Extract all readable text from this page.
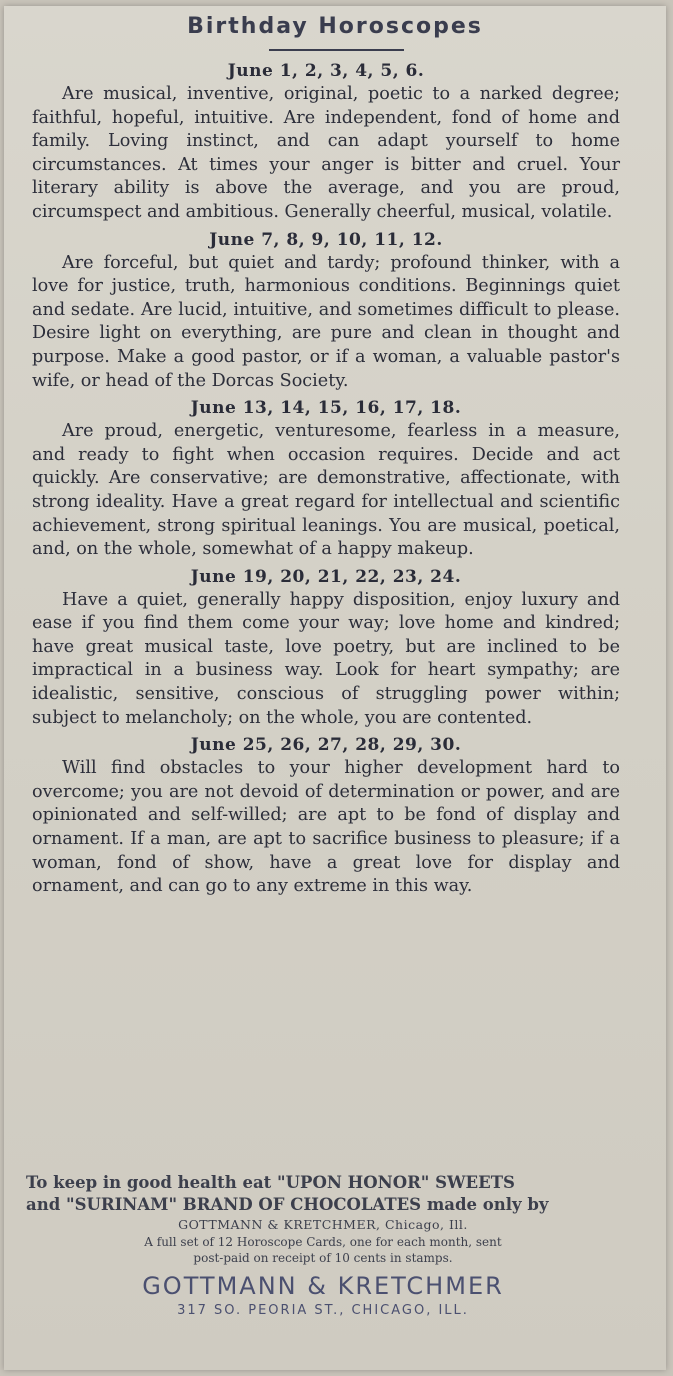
Birthday Horoscopes
June 1, 2, 3, 4, 5, 6.

Are musical, inventive, original, poetic to a narked degree; faithful, hopeful, intuitive. Are independent, fond of home and family. Loving instinct, and can adapt yourself to home circumstances. At times your anger is bitter and cruel. Your literary ability is above the average, and you are proud, circumspect and ambitious. Generally cheerful, musical, volatile.

June 7, 8, 9, 10, 11, 12.

Are forceful, but quiet and tardy; profound thinker, with a love for justice, truth, harmonious conditions. Beginnings quiet and sedate. Are lucid, intuitive, and sometimes difficult to please. Desire light on everything, are pure and clean in thought and purpose. Make a good pastor, or if a woman, a valuable pastor's wife, or head of the Dorcas Society.

June 13, 14, 15, 16, 17, 18.

Are proud, energetic, venturesome, fearless in a measure, and ready to fight when occasion requires. Decide and act quickly. Are conservative; are demonstrative, affectionate, with strong ideality. Have a great regard for intellectual and scientific achievement, strong spiritual leanings. You are musical, poetical, and, on the whole, somewhat of a happy makeup.

June 19, 20, 21, 22, 23, 24.

Have a quiet, generally happy disposition, enjoy luxury and ease if you find them come your way; love home and kindred; have great musical taste, love poetry, but are inclined to be impractical in a business way. Look for heart sympathy; are idealistic, sensitive, conscious of struggling power within; subject to melancholy; on the whole, you are contented.

June 25, 26, 27, 28, 29, 30.

Will find obstacles to your higher development hard to overcome; you are not devoid of determination or power, and are opinionated and self-willed; are apt to be fond of display and ornament. If a man, are apt to sacrifice business to pleasure; if a woman, fond of show, have a great love for display and ornament, and can go to any extreme in this way.

To keep in good health eat "UPON HONOR" SWEETS
and "SURINAM" BRAND OF CHOCOLATES made only by
GOTTMANN & KRETCHMER, Chicago, Ill.
A full set of 12 Horoscope Cards, one for each month, sent
post-paid on receipt of 10 cents in stamps.
GOTTMANN & KRETCHMER
317 SO. PEORIA ST., CHICAGO, ILL.
